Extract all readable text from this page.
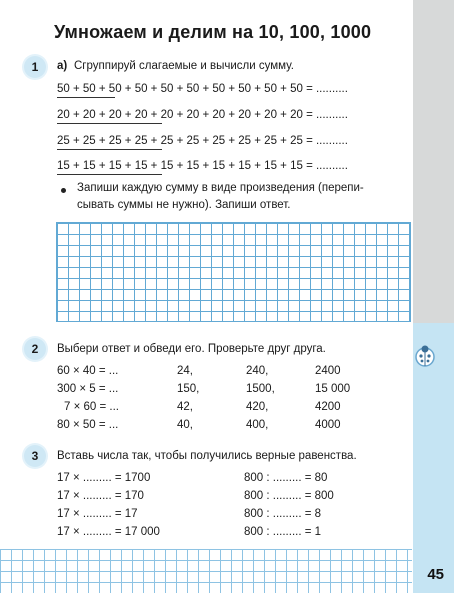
45
Умножаем и делим на 10, 100, 1000
1	а) Сгруппируй слагаемые и вычисли сумму.
50 + 50 + 50 + 50 + 50 + 50 + 50 + 50 + 50 + 50 = ..........
20 + 20 + 20 + 20 + 20 + 20 + 20 + 20 + 20 + 20 = ..........
25 + 25 + 25 + 25 + 25 + 25 + 25 + 25 + 25 + 25 = ..........
15 + 15 + 15 + 15 + 15 + 15 + 15 + 15 + 15 + 15 = ..........
Запиши каждую сумму в виде произведения (перепи-
сывать суммы не нужно). Запиши ответ.
2	Выбери ответ и обведи его. Проверьте друг друга.
60 × 40 = ...	24,	240,	2400
300 × 5 = ...	150,	1500,	15 000
7 × 60 = ...	42,	420,	4200
80 × 50 = ...	40,	400,	4000
3	Вставь числа так, чтобы получились верные равенства.
17 × ......... = 1700
17 × ......... = 170
17 × ......... = 17
17 × ......... = 17 000
800 : ......... = 80
800 : ......... = 800
800 : ......... = 8
800 : ......... = 1
